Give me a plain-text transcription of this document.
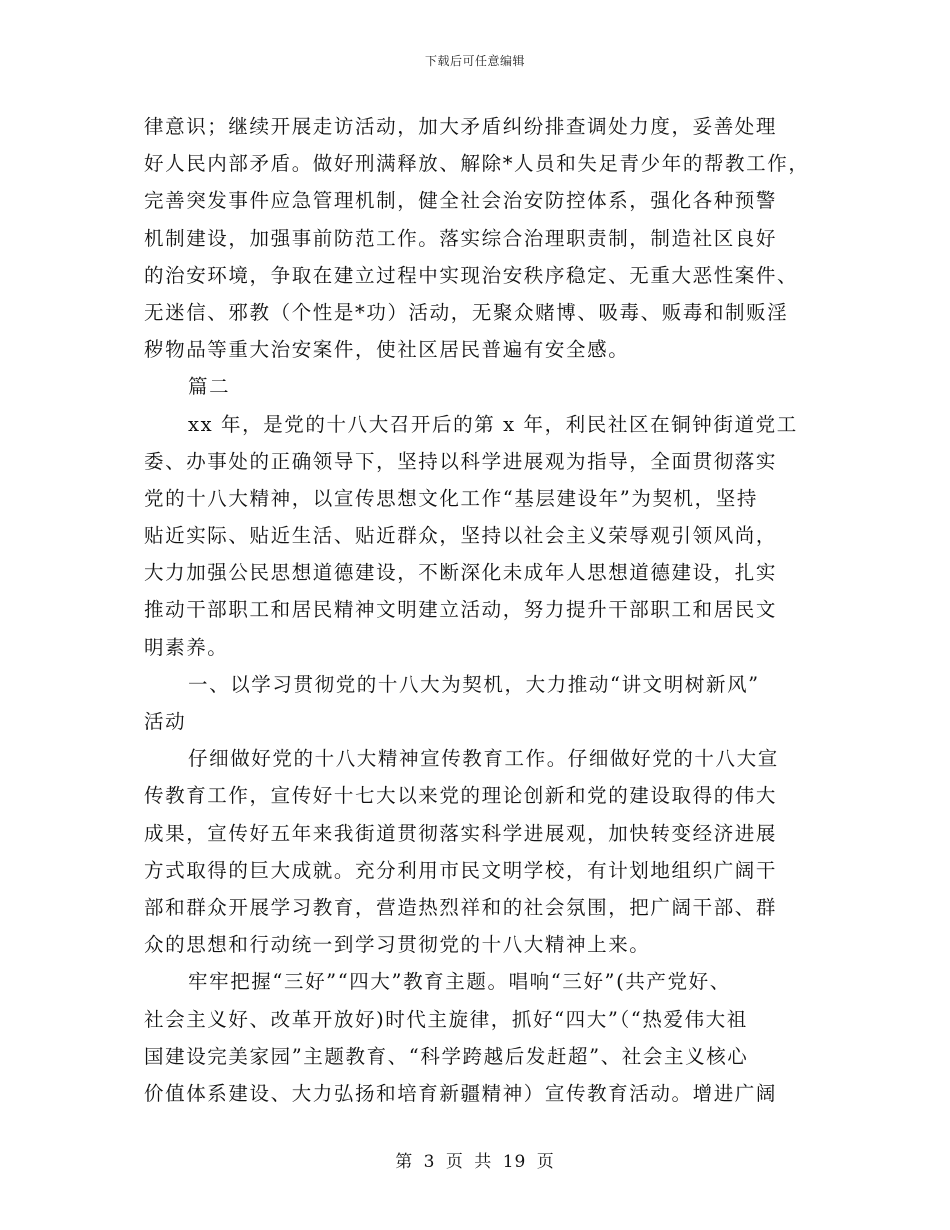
下载后可任意编辑
律意识；继续开展走访活动，加大矛盾纠纷排查调处力度，妥善处理
好人民内部矛盾。做好刑满释放、解除*人员和失足青少年的帮教工作，
完善突发事件应急管理机制，健全社会治安防控体系，强化各种预警
机制建设，加强事前防范工作。落实综合治理职责制，制造社区良好
的治安环境，争取在建立过程中实现治安秩序稳定、无重大恶性案件、
无迷信、邪教（个性是*功）活动，无聚众赌博、吸毒、贩毒和制贩淫
秽物品等重大治安案件，使社区居民普遍有安全感。
篇二
xx 年，是党的十八大召开后的第 x 年，利民社区在铜钟街道党工
委、办事处的正确领导下，坚持以科学进展观为指导，全面贯彻落实
党的十八大精神，以宣传思想文化工作“基层建设年”为契机，坚持
贴近实际、贴近生活、贴近群众，坚持以社会主义荣辱观引领风尚，
大力加强公民思想道德建设，不断深化未成年人思想道德建设，扎实
推动干部职工和居民精神文明建立活动，努力提升干部职工和居民文
明素养。
一、以学习贯彻党的十八大为契机，大力推动“讲文明树新风”
活动
仔细做好党的十八大精神宣传教育工作。仔细做好党的十八大宣
传教育工作，宣传好十七大以来党的理论创新和党的建设取得的伟大
成果，宣传好五年来我街道贯彻落实科学进展观，加快转变经济进展
方式取得的巨大成就。充分利用市民文明学校，有计划地组织广阔干
部和群众开展学习教育，营造热烈祥和的社会氛围，把广阔干部、群
众的思想和行动统一到学习贯彻党的十八大精神上来。
牢牢把握“三好”“四大”教育主题。唱响“三好”(共产党好、
社会主义好、改革开放好)时代主旋律，抓好“四大”（“热爱伟大祖
国建设完美家园”主题教育、“科学跨越后发赶超”、社会主义核心
价值体系建设、大力弘扬和培育新疆精神）宣传教育活动。增进广阔
第 3 页 共 19 页
